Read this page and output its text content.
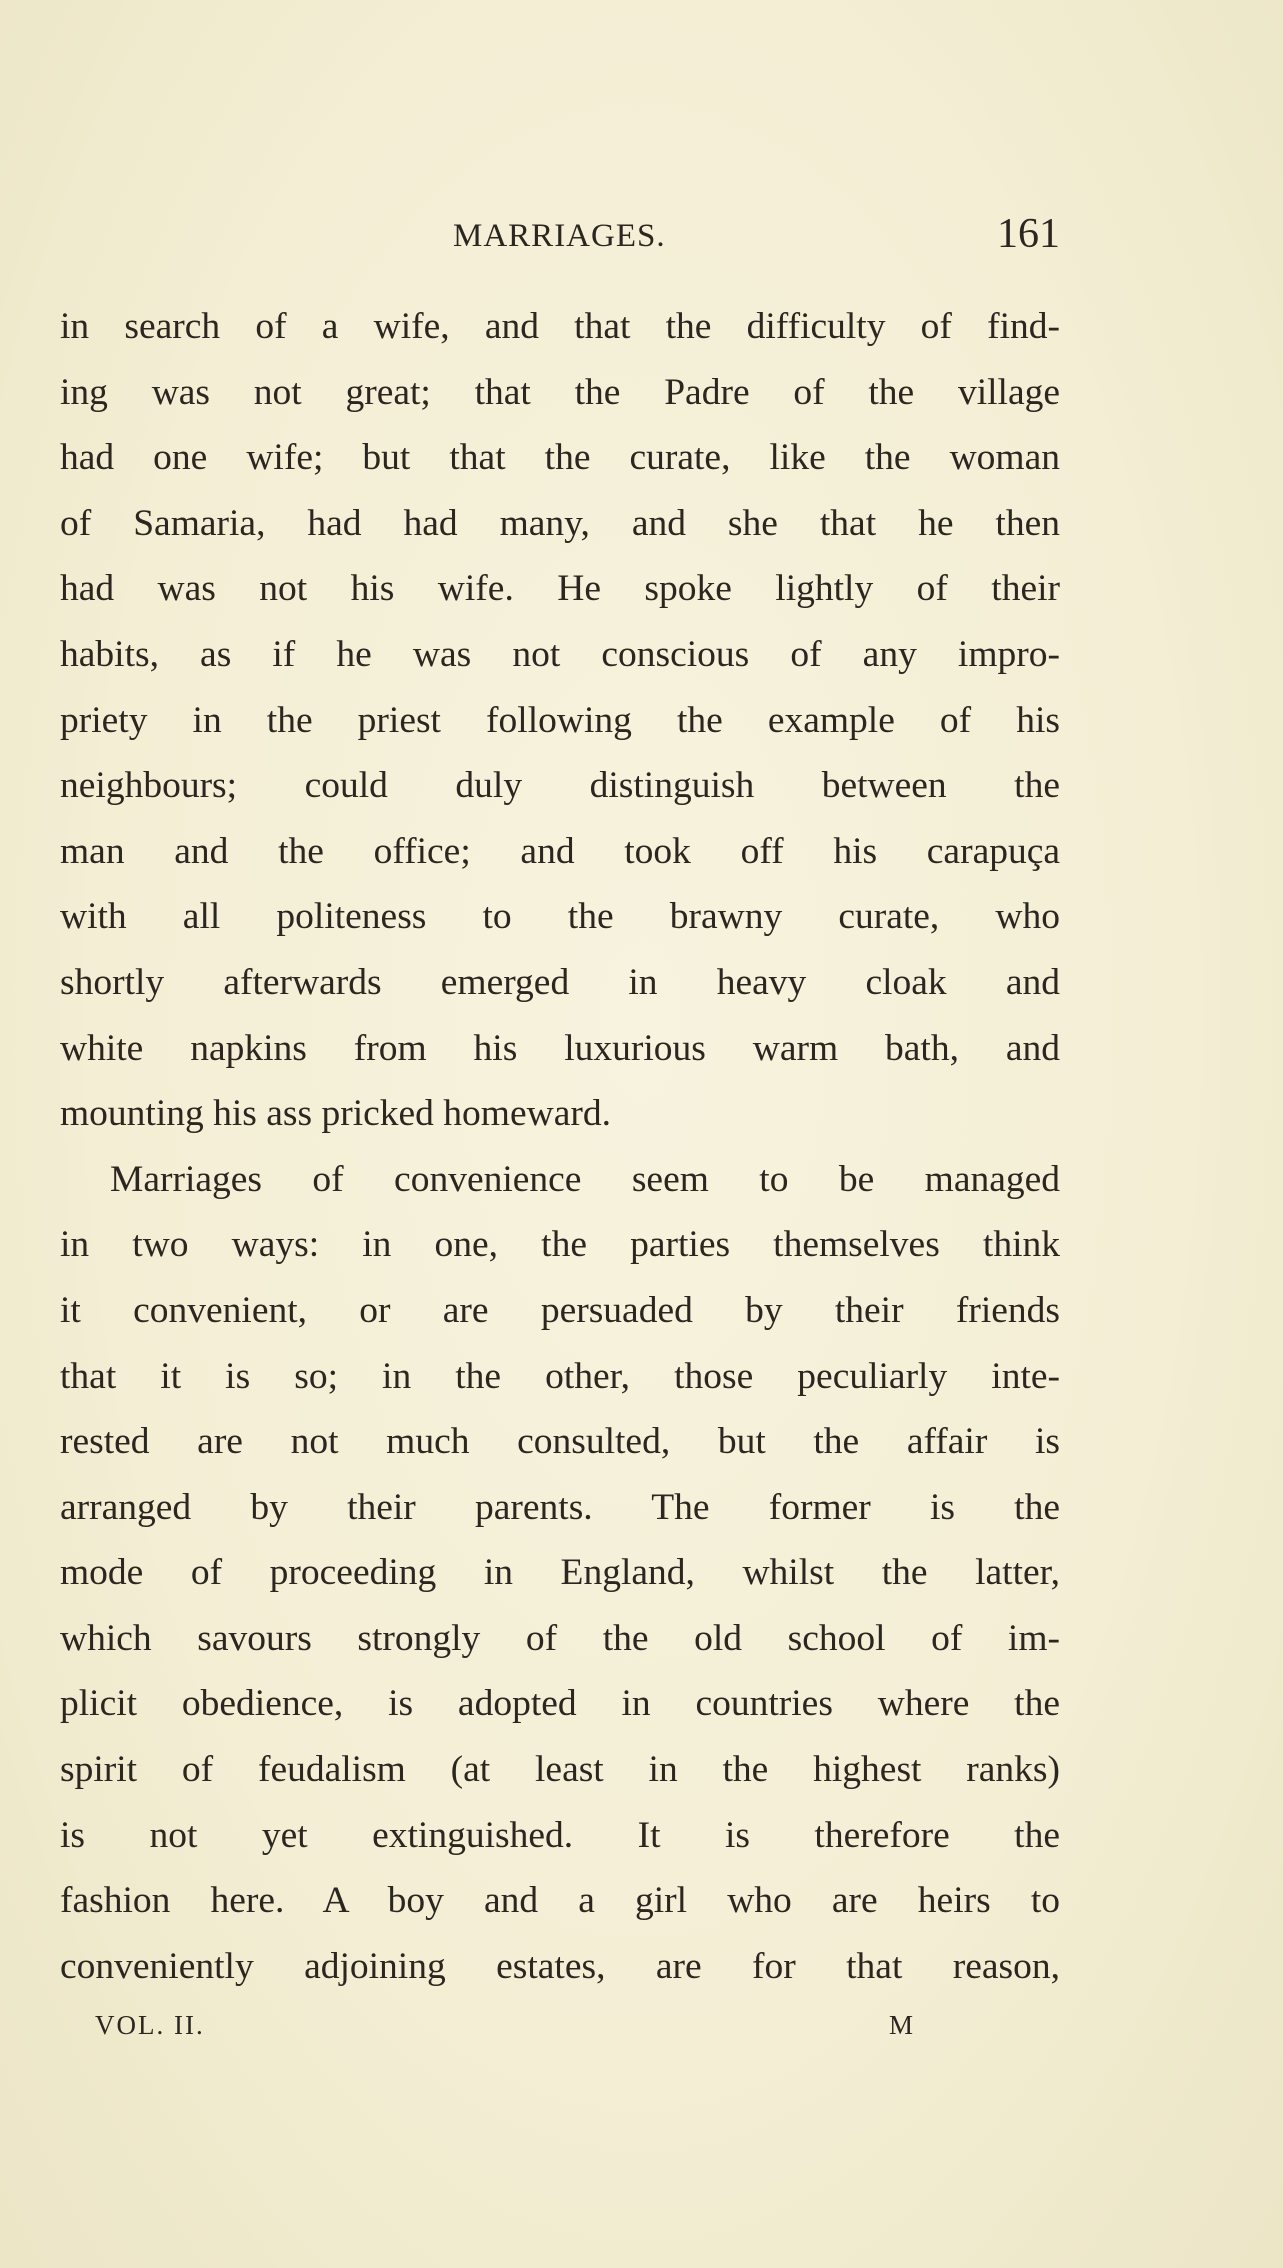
MARRIAGES.	161
in search of a wife, and that the difficulty of find-
ing was not great; that the Padre of the village
had one wife; but that the curate, like the woman
of Samaria, had had many, and she that he then
had was not his wife. He spoke lightly of their
habits, as if he was not conscious of any impro-
priety in the priest following the example of his
neighbours; could duly distinguish between the
man and the office; and took off his carapuça
with all politeness to the brawny curate, who
shortly afterwards emerged in heavy cloak and
white napkins from his luxurious warm bath, and
mounting his ass pricked homeward.
Marriages of convenience seem to be managed
in two ways: in one, the parties themselves think
it convenient, or are persuaded by their friends
that it is so; in the other, those peculiarly inte-
rested are not much consulted, but the affair is
arranged by their parents. The former is the
mode of proceeding in England, whilst the latter,
which savours strongly of the old school of im-
plicit obedience, is adopted in countries where the
spirit of feudalism (at least in the highest ranks)
is not yet extinguished. It is therefore the
fashion here. A boy and a girl who are heirs to
conveniently adjoining estates, are for that reason,
VOL. II.	M
